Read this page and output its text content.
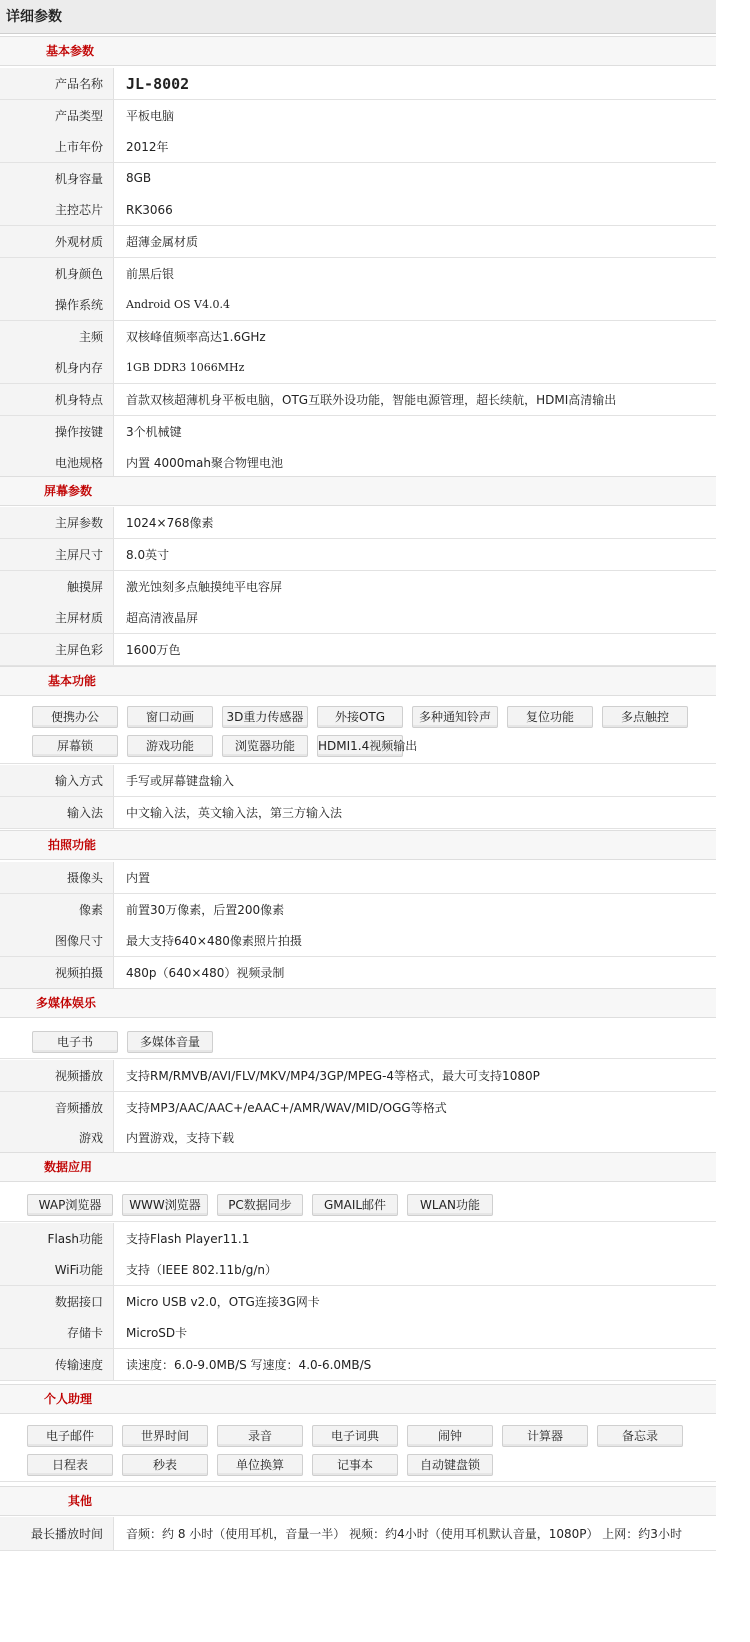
详细参数
基本参数
产品名称	JL-8002
产品类型	平板电脑
上市年份	2012年
机身容量	8GB
主控芯片	RK3066
外观材质	超薄金属材质
机身颜色	前黑后银
操作系统	Android OS V4.0.4
主频	双核峰值频率高达1.6GHz
机身内存	1GB DDR3 1066MHz
机身特点	首款双核超薄机身平板电脑，OTG互联外设功能，智能电源管理，超长续航，HDMI高清输出
操作按键	3个机械键
电池规格	内置 4000mah聚合物锂电池
屏幕参数
主屏参数	1024×768像素
主屏尺寸	8.0英寸
触摸屏	激光蚀刻多点触摸纯平电容屏
主屏材质	超高清液晶屏
主屏色彩	1600万色
基本功能
便携办公	窗口动画	3D重力传感器	外接OTG	多种通知铃声	复位功能	多点触控
屏幕锁	游戏功能	浏览器功能	HDMI1.4视频输出
输入方式	手写或屏幕键盘输入
输入法	中文输入法，英文输入法，第三方输入法
拍照功能
摄像头	内置
像素	前置30万像素，后置200像素
图像尺寸	最大支持640×480像素照片拍摄
视频拍摄	480p（640×480）视频录制
多媒体娱乐
电子书	多媒体音量
视频播放	支持RM/RMVB/AVI/FLV/MKV/MP4/3GP/MPEG-4等格式，最大可支持1080P
音频播放	支持MP3/AAC/AAC+/eAAC+/AMR/WAV/MID/OGG等格式
游戏	内置游戏，支持下载
数据应用
WAP浏览器	WWW浏览器	PC数据同步	GMAIL邮件	WLAN功能
Flash功能	支持Flash Player11.1
WiFi功能	支持（IEEE 802.11b/g/n）
数据接口	Micro USB v2.0，OTG连接3G网卡
存储卡	MicroSD卡
传输速度	读速度：6.0-9.0MB/S 写速度：4.0-6.0MB/S
个人助理
电子邮件	世界时间	录音	电子词典	闹钟	计算器	备忘录
日程表	秒表	单位换算	记事本	自动键盘锁
其他
最长播放时间	音频：约 8 小时（使用耳机，音量一半） 视频：约4小时（使用耳机默认音量，1080P） 上网：约3小时
